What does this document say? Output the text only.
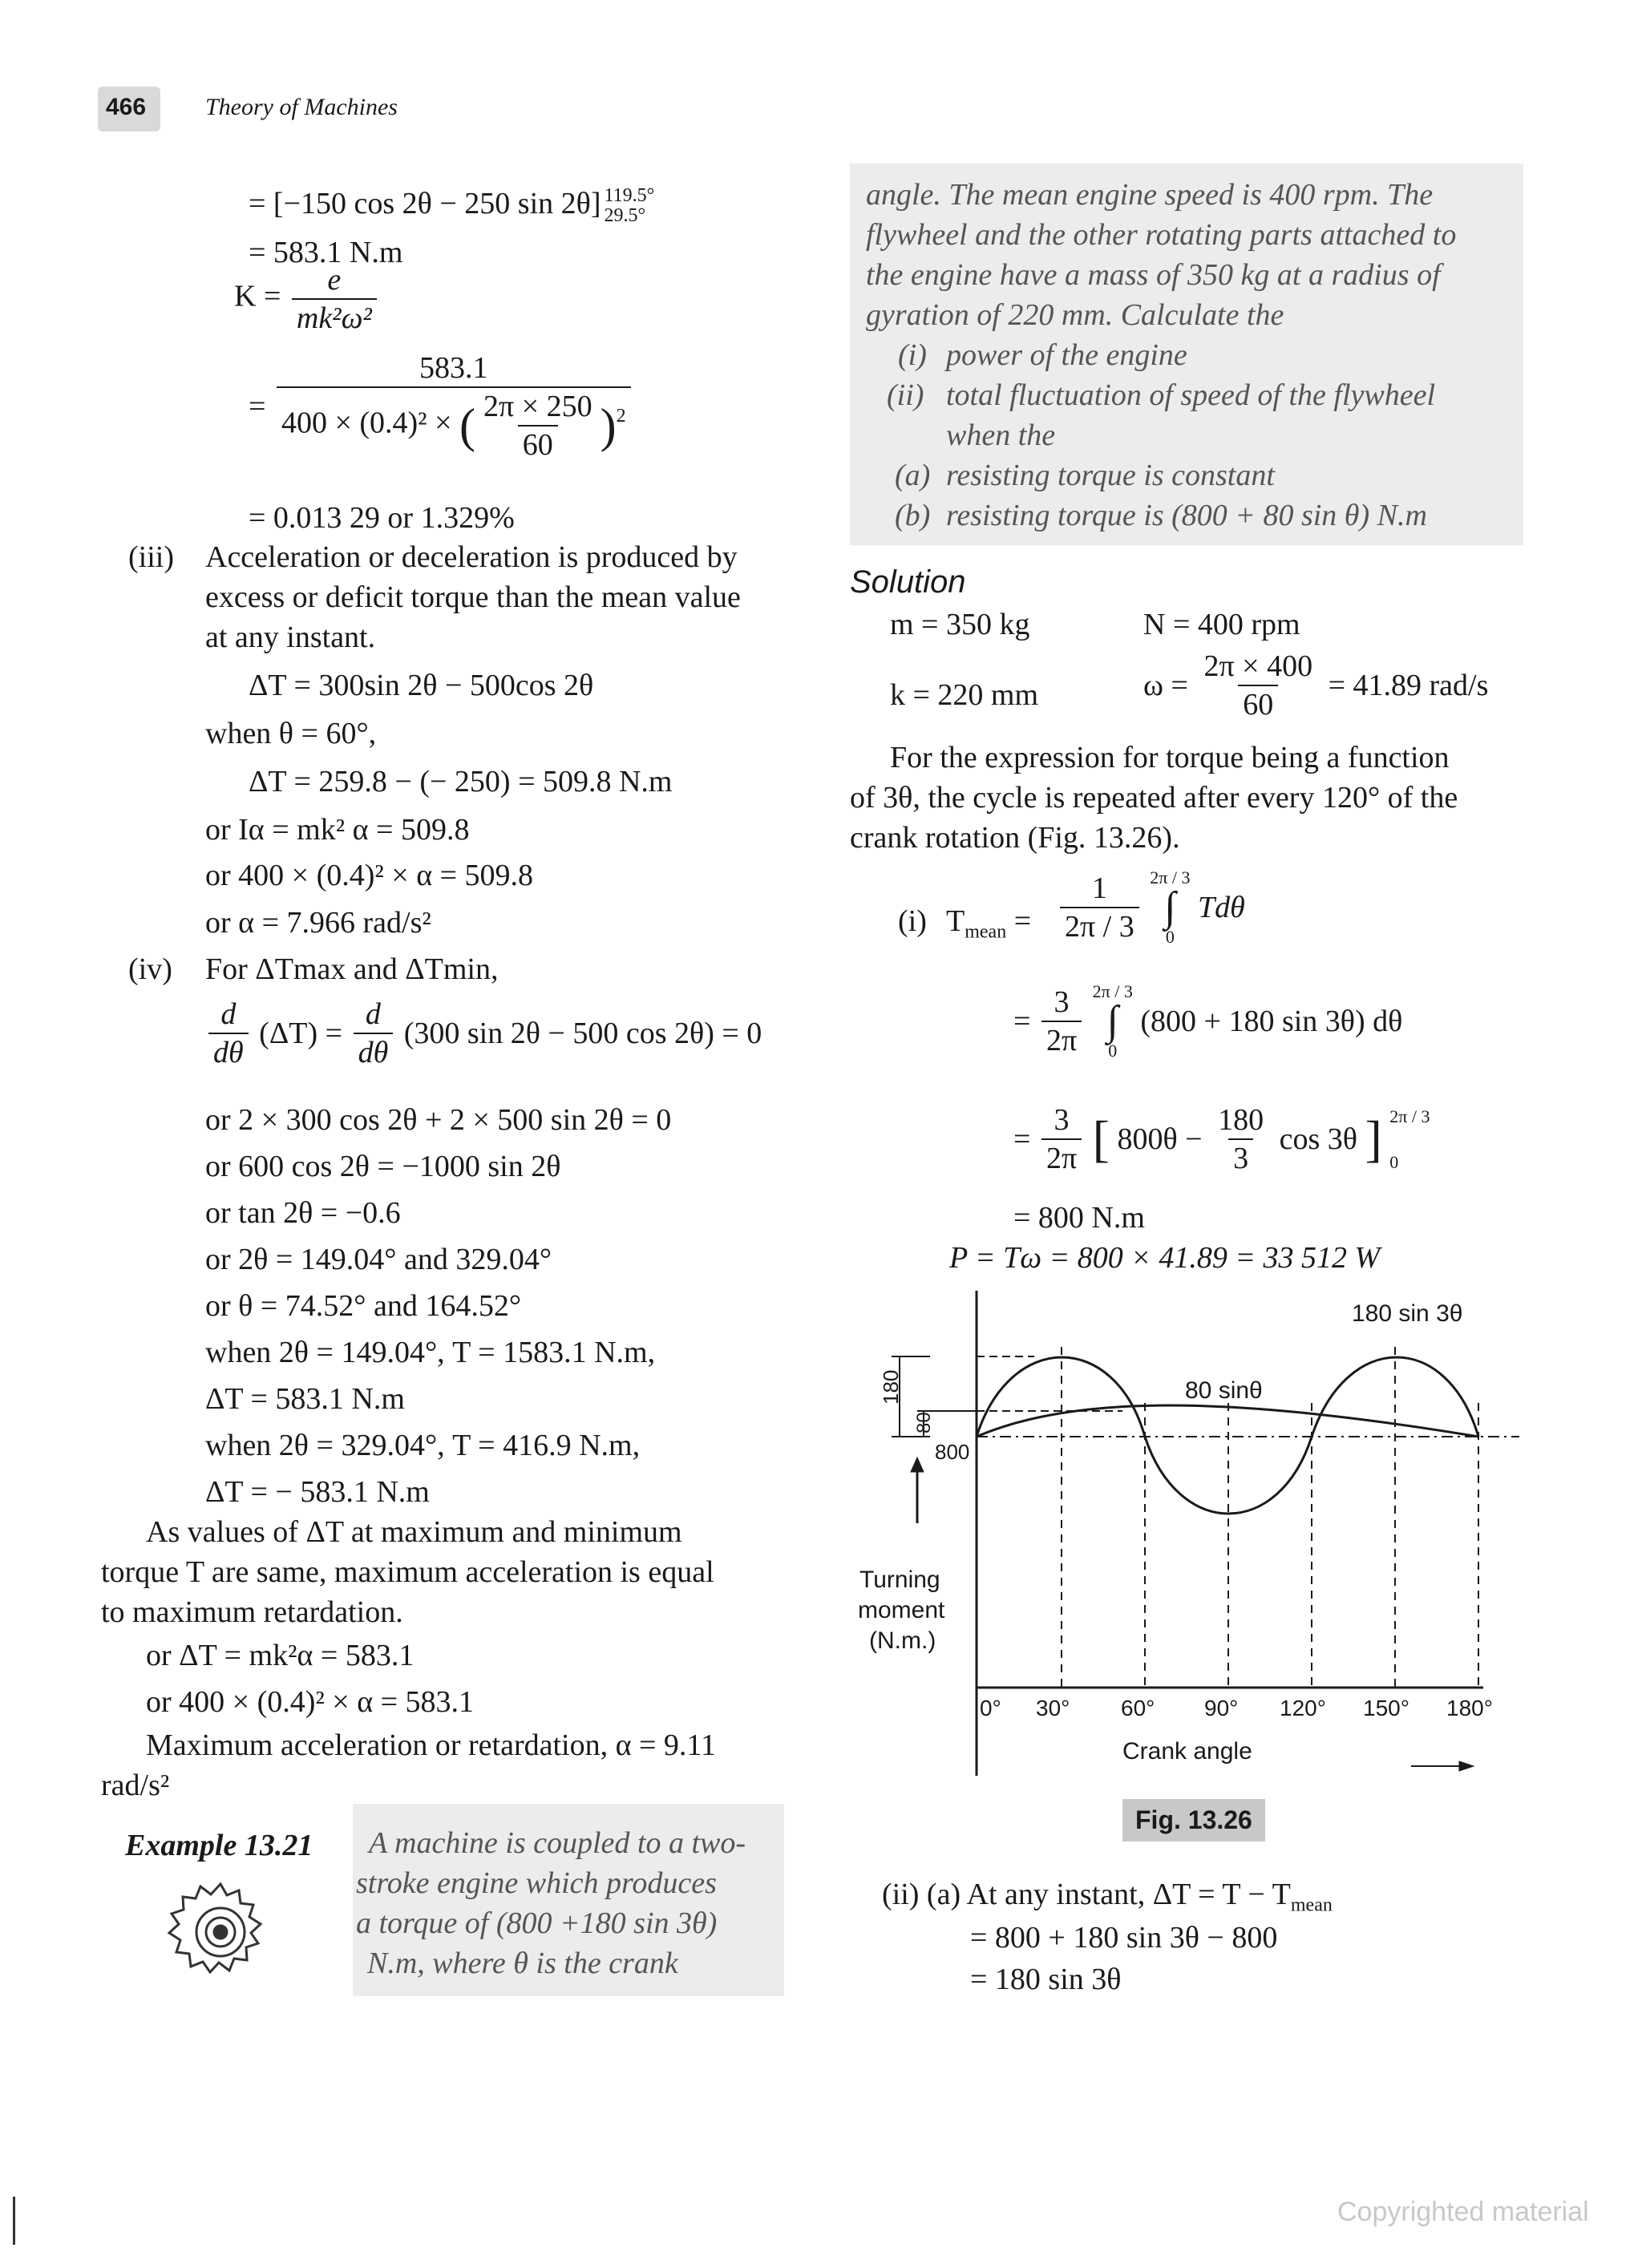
466 Theory of Machines
= [−150 cos 2θ − 250 sin 2θ] 119.5°
29.5°
= 583.1 N.m
$K = \frac{e}{\text{mk²ω²}}$
= $\frac{583.1}{400 \times (0.4)^2 \times ( \frac{2\pi \times 250}{60} )^2}$
= 0.013 29 or 1.329%
(iii) Acceleration or deceleration is produced by
excess or deficit torque than the mean value
at any instant.
ΔT = 300sin 2θ − 500cos 2θ
when θ = 60°,
ΔT = 259.8 − (− 250) = 509.8 N.m
or Iα = mk² α = 509.8
or 400 × (0.4)² × α = 509.8
or α = 7.966 rad/s²
(iv) For ΔTmax and ΔTmin,
$\frac{d}{d\theta} (\Delta T) = \frac{d}{d\theta} (300$ sin 2θ − 500 cos 2θ) = 0
or 2 × 300 cos 2θ + 2 × 500 sin 2θ = 0
or 600 cos 2θ = −1000 sin 2θ
or tan 2θ = −0.6
or 2θ = 149.04° and 329.04°
or θ = 74.52° and 164.52°
when 2θ = 149.04°, T = 1583.1 N.m,
ΔT = 583.1 N.m
when 2θ = 329.04°, T = 416.9 N.m,
ΔT = − 583.1 N.m
As values of ΔT at maximum and minimum
torque T are same, maximum acceleration is equal
to maximum retardation.
or ΔT = mk²α = 583.1
or 400 × (0.4)² × α = 583.1
Maximum acceleration or retardation, α = 9.11
rad/s²
Example 13.21 A machine is coupled to a two-
stroke engine which produces
a torque of (800 +180 sin 3θ)
N.m, where θ is the crank
angle. The mean engine speed is 400 rpm. The
flywheel and the other rotating parts attached to
the engine have a mass of 350 kg at a radius of
gyration of 220 mm. Calculate the
(i) power of the engine
(ii) total fluctuation of speed of the flywheel
when the
(a) resisting torque is constant
(b) resisting torque is (800 + 80 sin θ) N.m
Solution
m = 350 kg	N = 400 rpm
k = 220 mm	$\omega = \frac{2\pi \times 400}{60} = 41.89$ rad/s
For the expression for torque being a function
of 3θ, the cycle is repeated after every 120° of the
crank rotation (Fig. 13.26).
(i) $T_{mean} = \frac{1}{2\pi / 3}$
2π / 3
∫
0
Tdθ
= $\frac{3}{2\pi}$
2π / 3
∫
0
(800 + 180 sin 3θ) dθ
= $\frac{3}{2\pi}$ [ $800\theta - \frac{180}{3}$ cos 3θ ] 2π / 3
0
= 800 N.m
P = Tω = 800 × 41.89 = 33 512 W
180 sin 3θ
80 sinθ
180
80
800
Turning
moment
(N.m.)
0° 30° 60° 90° 120° 150° 180°
Crank angle
Fig. 13.26
(ii) (a) At any instant, $\Delta T = T - T_{mean}$
= 800 + 180 sin 3θ − 800
= 180 sin 3θ
Copyrighted material
